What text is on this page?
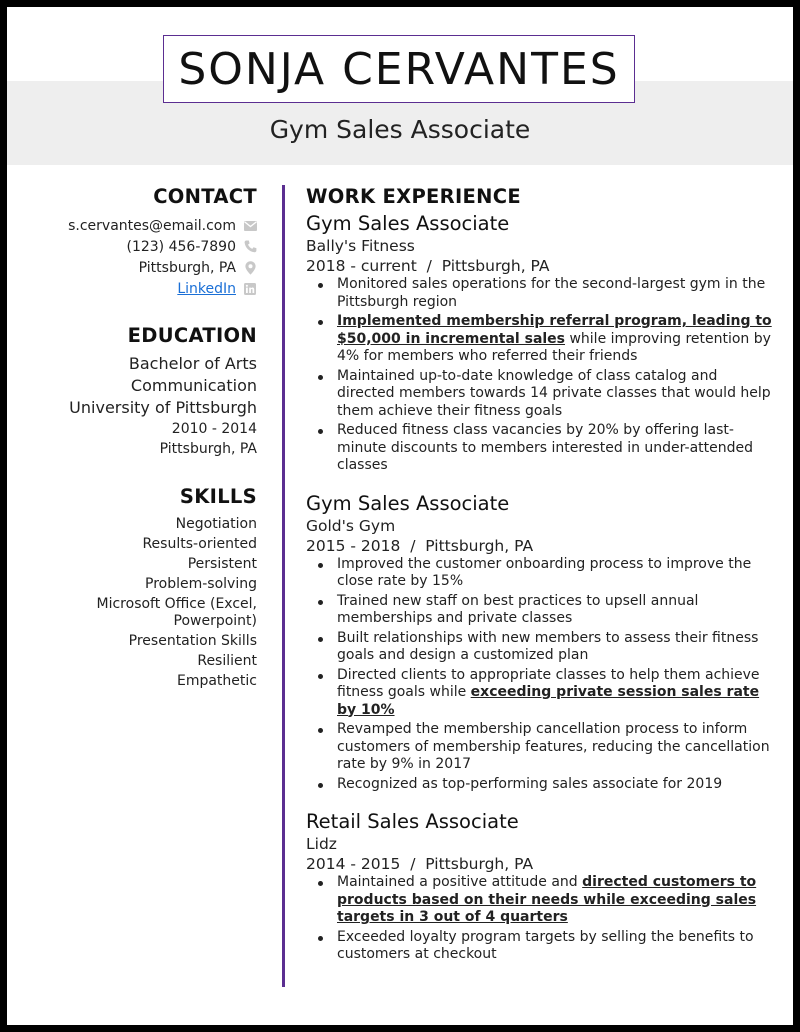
SONJA CERVANTES
Gym Sales Associate
CONTACT
s.cervantes@email.com
(123) 456-7890
Pittsburgh, PA
LinkedIn
EDUCATION
Bachelor of Arts
Communication
University of Pittsburgh
2010 - 2014
Pittsburgh, PA
SKILLS
Negotiation
Results-oriented
Persistent
Problem-solving
Microsoft Office (Excel, Powerpoint)
Presentation Skills
Resilient
Empathetic
WORK EXPERIENCE
Gym Sales Associate
Bally's Fitness
2018 - current  /  Pittsburgh, PA
Monitored sales operations for the second-largest gym in the Pittsburgh region
Implemented membership referral program, leading to $50,000 in incremental sales while improving retention by 4% for members who referred their friends
Maintained up-to-date knowledge of class catalog and directed members towards 14 private classes that would help them achieve their fitness goals
Reduced fitness class vacancies by 20% by offering last-minute discounts to members interested in under-attended classes
Gym Sales Associate
Gold's Gym
2015 - 2018  /  Pittsburgh, PA
Improved the customer onboarding process to improve the close rate by 15%
Trained new staff on best practices to upsell annual memberships and private classes
Built relationships with new members to assess their fitness goals and design a customized plan
Directed clients to appropriate classes to help them achieve fitness goals while exceeding private session sales rate by 10%
Revamped the membership cancellation process to inform customers of membership features, reducing the cancellation rate by 9% in 2017
Recognized as top-performing sales associate for 2019
Retail Sales Associate
Lidz
2014 - 2015  /  Pittsburgh, PA
Maintained a positive attitude and directed customers to products based on their needs while exceeding sales targets in 3 out of 4 quarters
Exceeded loyalty program targets by selling the benefits to customers at checkout
